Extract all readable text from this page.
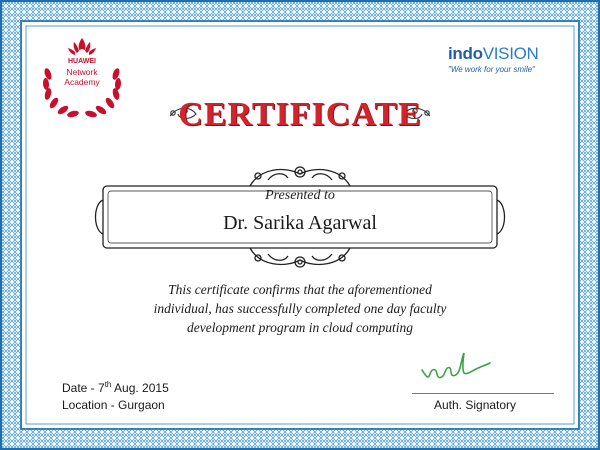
HUAWEI
Network
Academy
indoVISION
"We work for your smile"
CERTIFICATE
Presented to
Dr. Sarika Agarwal
This certificate confirms that the aforementioned
individual, has successfully completed one day faculty
development program in cloud computing
Date - 7th Aug. 2015
Location - Gurgaon	Auth. Signatory
